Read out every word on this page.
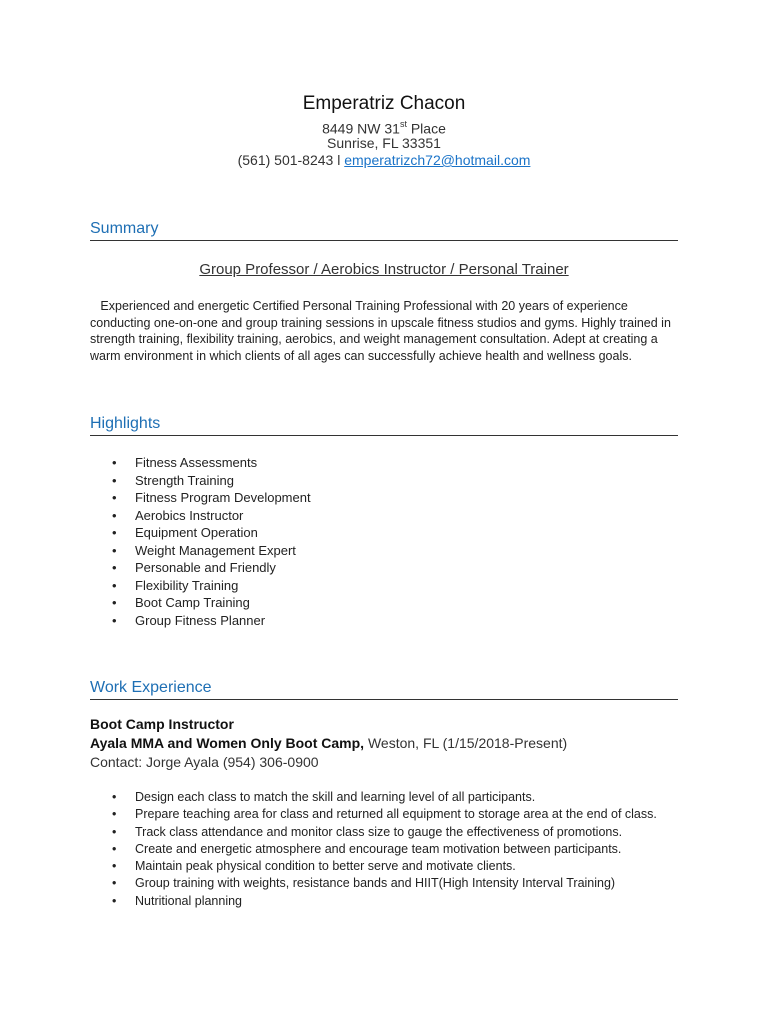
Emperatriz Chacon
8449 NW 31st Place
Sunrise, FL 33351
(561) 501-8243 l emperatrizch72@hotmail.com
Summary
Group Professor / Aerobics Instructor / Personal Trainer
Experienced and energetic Certified Personal Training Professional with 20 years of experience conducting one-on-one and group training sessions in upscale fitness studios and gyms. Highly trained in strength training, flexibility training, aerobics, and weight management consultation. Adept at creating a warm environment in which clients of all ages can successfully achieve health and wellness goals.
Highlights
• Fitness Assessments
• Strength Training
• Fitness Program Development
• Aerobics Instructor
• Equipment Operation
• Weight Management Expert
• Personable and Friendly
• Flexibility Training
• Boot Camp Training
• Group Fitness Planner
Work Experience
Boot Camp Instructor
Ayala MMA and Women Only Boot Camp, Weston, FL (1/15/2018-Present)
Contact: Jorge Ayala (954) 306-0900
• Design each class to match the skill and learning level of all participants.
• Prepare teaching area for class and returned all equipment to storage area at the end of class.
• Track class attendance and monitor class size to gauge the effectiveness of promotions.
• Create and energetic atmosphere and encourage team motivation between participants.
• Maintain peak physical condition to better serve and motivate clients.
• Group training with weights, resistance bands and HIIT(High Intensity Interval Training)
• Nutritional planning
